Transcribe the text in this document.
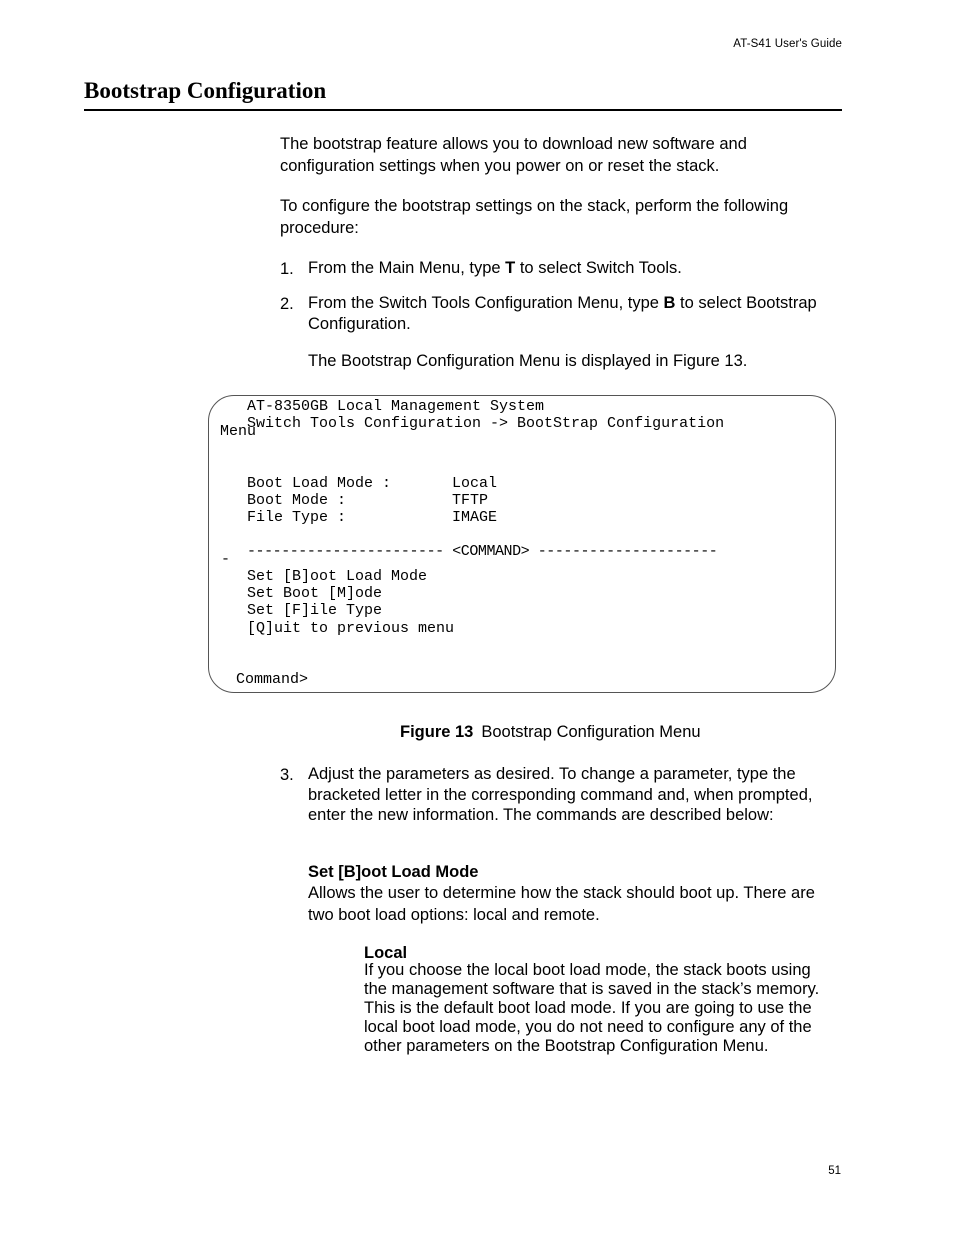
AT-S41 User's Guide
Bootstrap Configuration
The bootstrap feature allows you to download new software and configuration settings when you power on or reset the stack.
To configure the bootstrap settings on the stack, perform the following procedure:
1. From the Main Menu, type T to select Switch Tools.
2. From the Switch Tools Configuration Menu, type B to select Bootstrap Configuration.
The Bootstrap Configuration Menu is displayed in Figure 13.
AT-8350GB Local Management System
Switch Tools Configuration -> BootStrap Configuration
Menu
Boot Load Mode :	Local
Boot Mode :	TFTP
File Type :	IMAGE
----------------------- <COMMAND> ---------------------
-
Set [B]oot Load Mode
Set Boot [M]ode
Set [F]ile Type
[Q]uit to previous menu
Command>
Figure 13 Bootstrap Configuration Menu
3. Adjust the parameters as desired. To change a parameter, type the bracketed letter in the corresponding command and, when prompted, enter the new information. The commands are described below:
Set [B]oot Load Mode
Allows the user to determine how the stack should boot up. There are two boot load options: local and remote.
Local
If you choose the local boot load mode, the stack boots using the management software that is saved in the stack’s memory. This is the default boot load mode. If you are going to use the local boot load mode, you do not need to configure any of the other parameters on the Bootstrap Configuration Menu.
51
